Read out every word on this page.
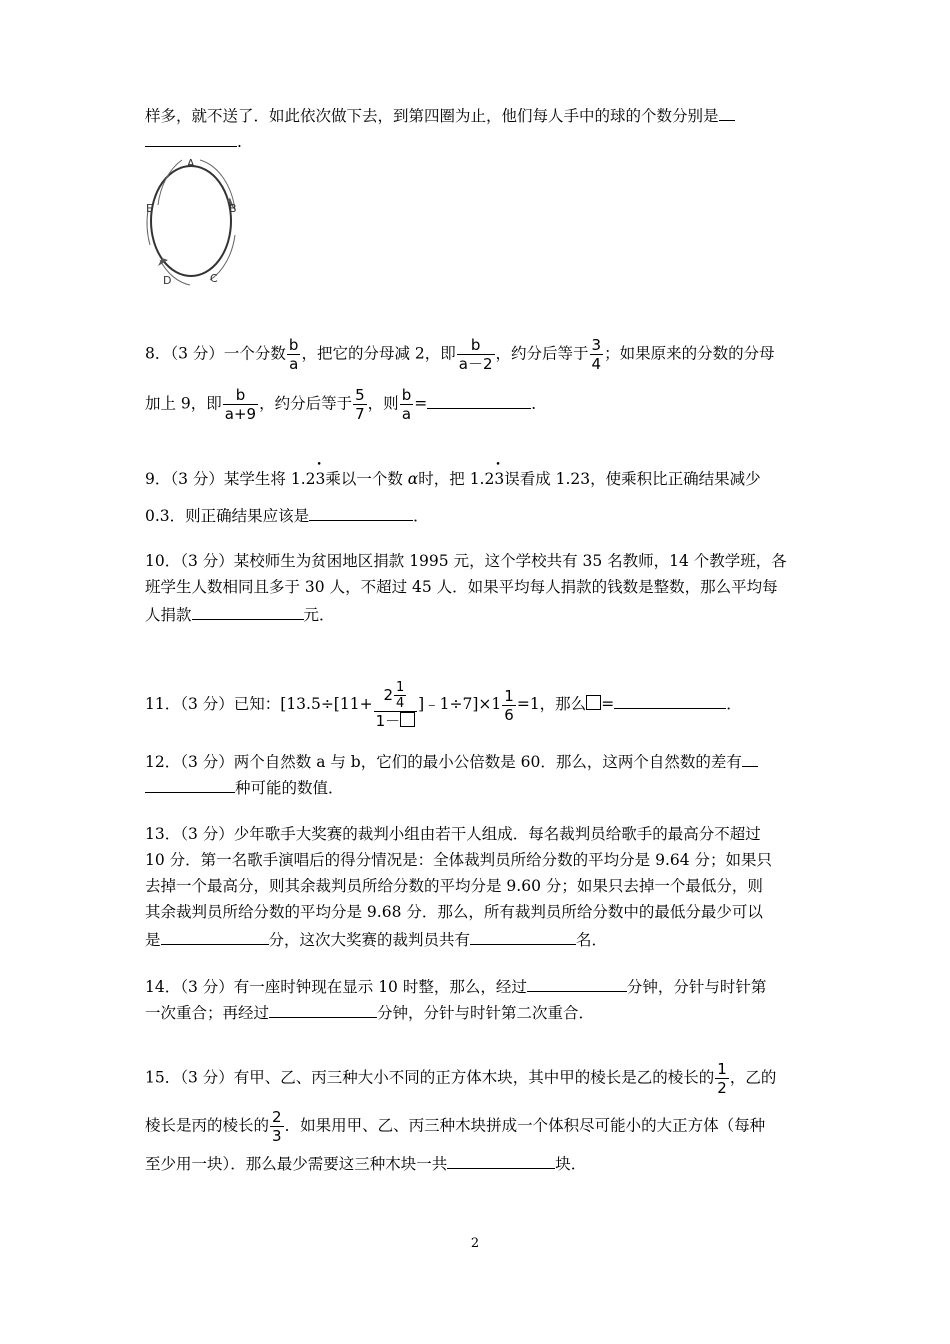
样多，就不送了．如此依次做下去，到第四圈为止，他们每人手中的球的个数分别是
.
A
B
C
D
E
8．（3 分）一个分数 $\frac{b}{a}$ ，把它的分母减 2，即 $\frac{b}{a-2}$ ，约分后等于 $\frac{3}{4}$ ；如果原来的分数的分母
加上 9，即 $\frac{b}{a+9}$ ，约分后等于 $\frac{5}{7}$ ，则 $\frac{b}{a}$ =	．
9．（3 分）某学生将 1.2• 3乘以一个数 α时，把 1.2• 3误看成 1.23，使乘积比正确结果减少
0.3．则正确结果应该是	．
10．（3 分）某校师生为贫困地区捐款 1995 元，这个学校共有 35 名教师，14 个教学班，各
班学生人数相同且多于 30 人，不超过 45 人．如果平均每人捐款的钱数是整数，那么平均每
人捐款	元．
11．（3 分）已知：[$13.5\div[11+ \frac{2 \frac{1}{4}}{1-}$ ]﹣1÷7]×1 $\frac{1}{6} =1$，那么 =	．
12．（3 分）两个自然数 a 与 b，它们的最小公倍数是 60．那么，这两个自然数的差有
种可能的数值．
13．（3 分）少年歌手大奖赛的裁判小组由若干人组成．每名裁判员给歌手的最高分不超过
10 分．第一名歌手演唱后的得分情况是：全体裁判员所给分数的平均分是 9.64 分；如果只
去掉一个最高分，则其余裁判员所给分数的平均分是 9.60 分；如果只去掉一个最低分，则
其余裁判员所给分数的平均分是 9.68 分．那么，所有裁判员所给分数中的最低分最少可以
是	分，这次大奖赛的裁判员共有	名．
14．（3 分）有一座时钟现在显示 10 时整，那么，经过	分钟，分针与时针第
一次重合；再经过	分钟，分针与时针第二次重合．
15．（3 分）有甲、乙、丙三种大小不同的正方体木块，其中甲的棱长是乙的棱长的 $\frac{1}{2}$ ，乙的
棱长是丙的棱长的 $\frac{2}{3}$ ．如果用甲、乙、丙三种木块拼成一个体积尽可能小的大正方体（每种
至少用一块）．那么最少需要这三种木块一共	块．
2
